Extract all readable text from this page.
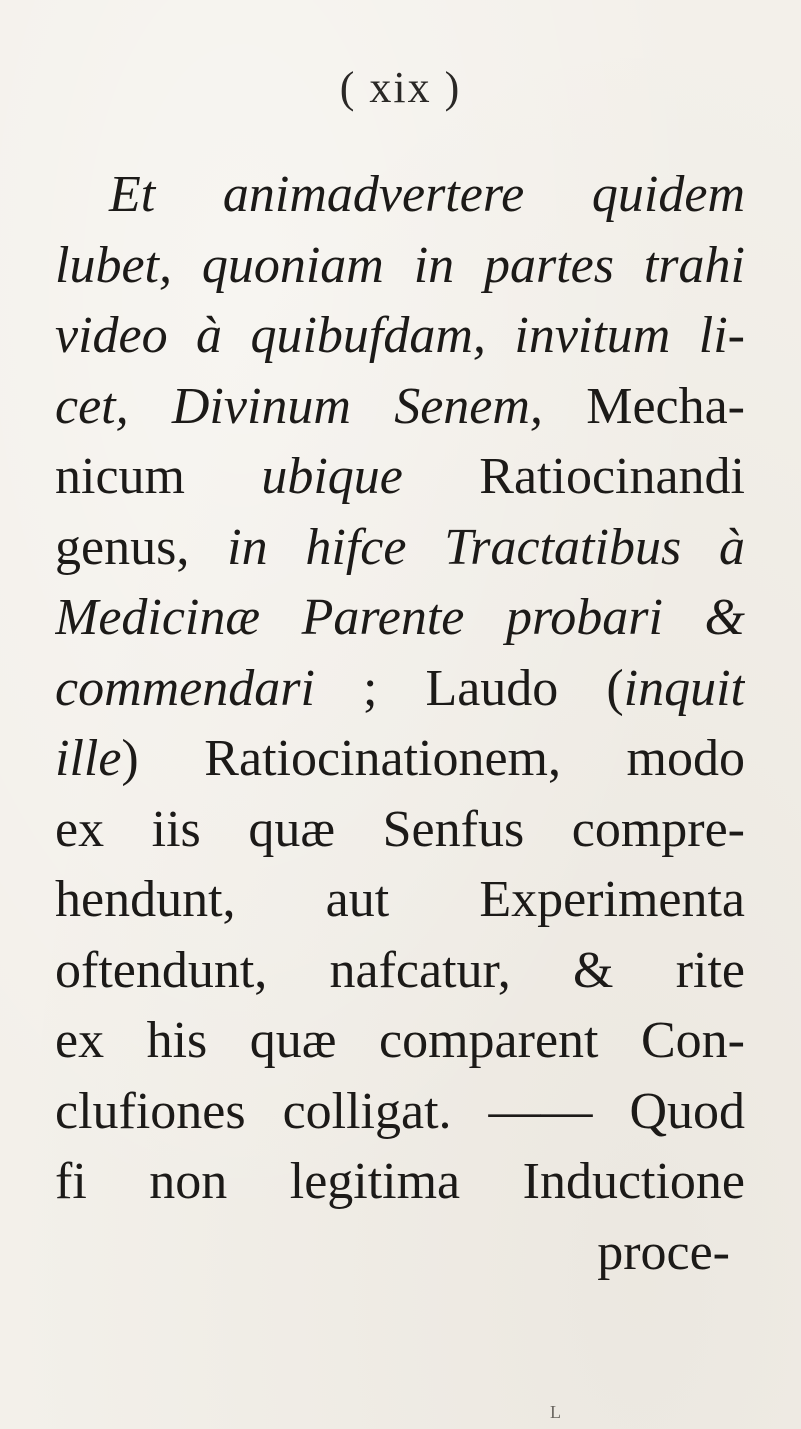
( xix )
Et animadvertere quidem
lubet, quoniam in partes trahi
video à quibufdam, invitum li-
cet, Divinum Senem, Mecha-
nicum ubique Ratiocinandi
genus, in hifce Tractatibus à
Medicinæ Parente probari &
commendari ; Laudo (inquit
ille) Ratiocinationem, modo
ex iis quæ Senfus compre-
hendunt, aut Experimenta
oftendunt, nafcatur, & rite
ex his quæ comparent Con-
clufiones colligat. —— Quod
fi non legitima Inductione
proce-
L
